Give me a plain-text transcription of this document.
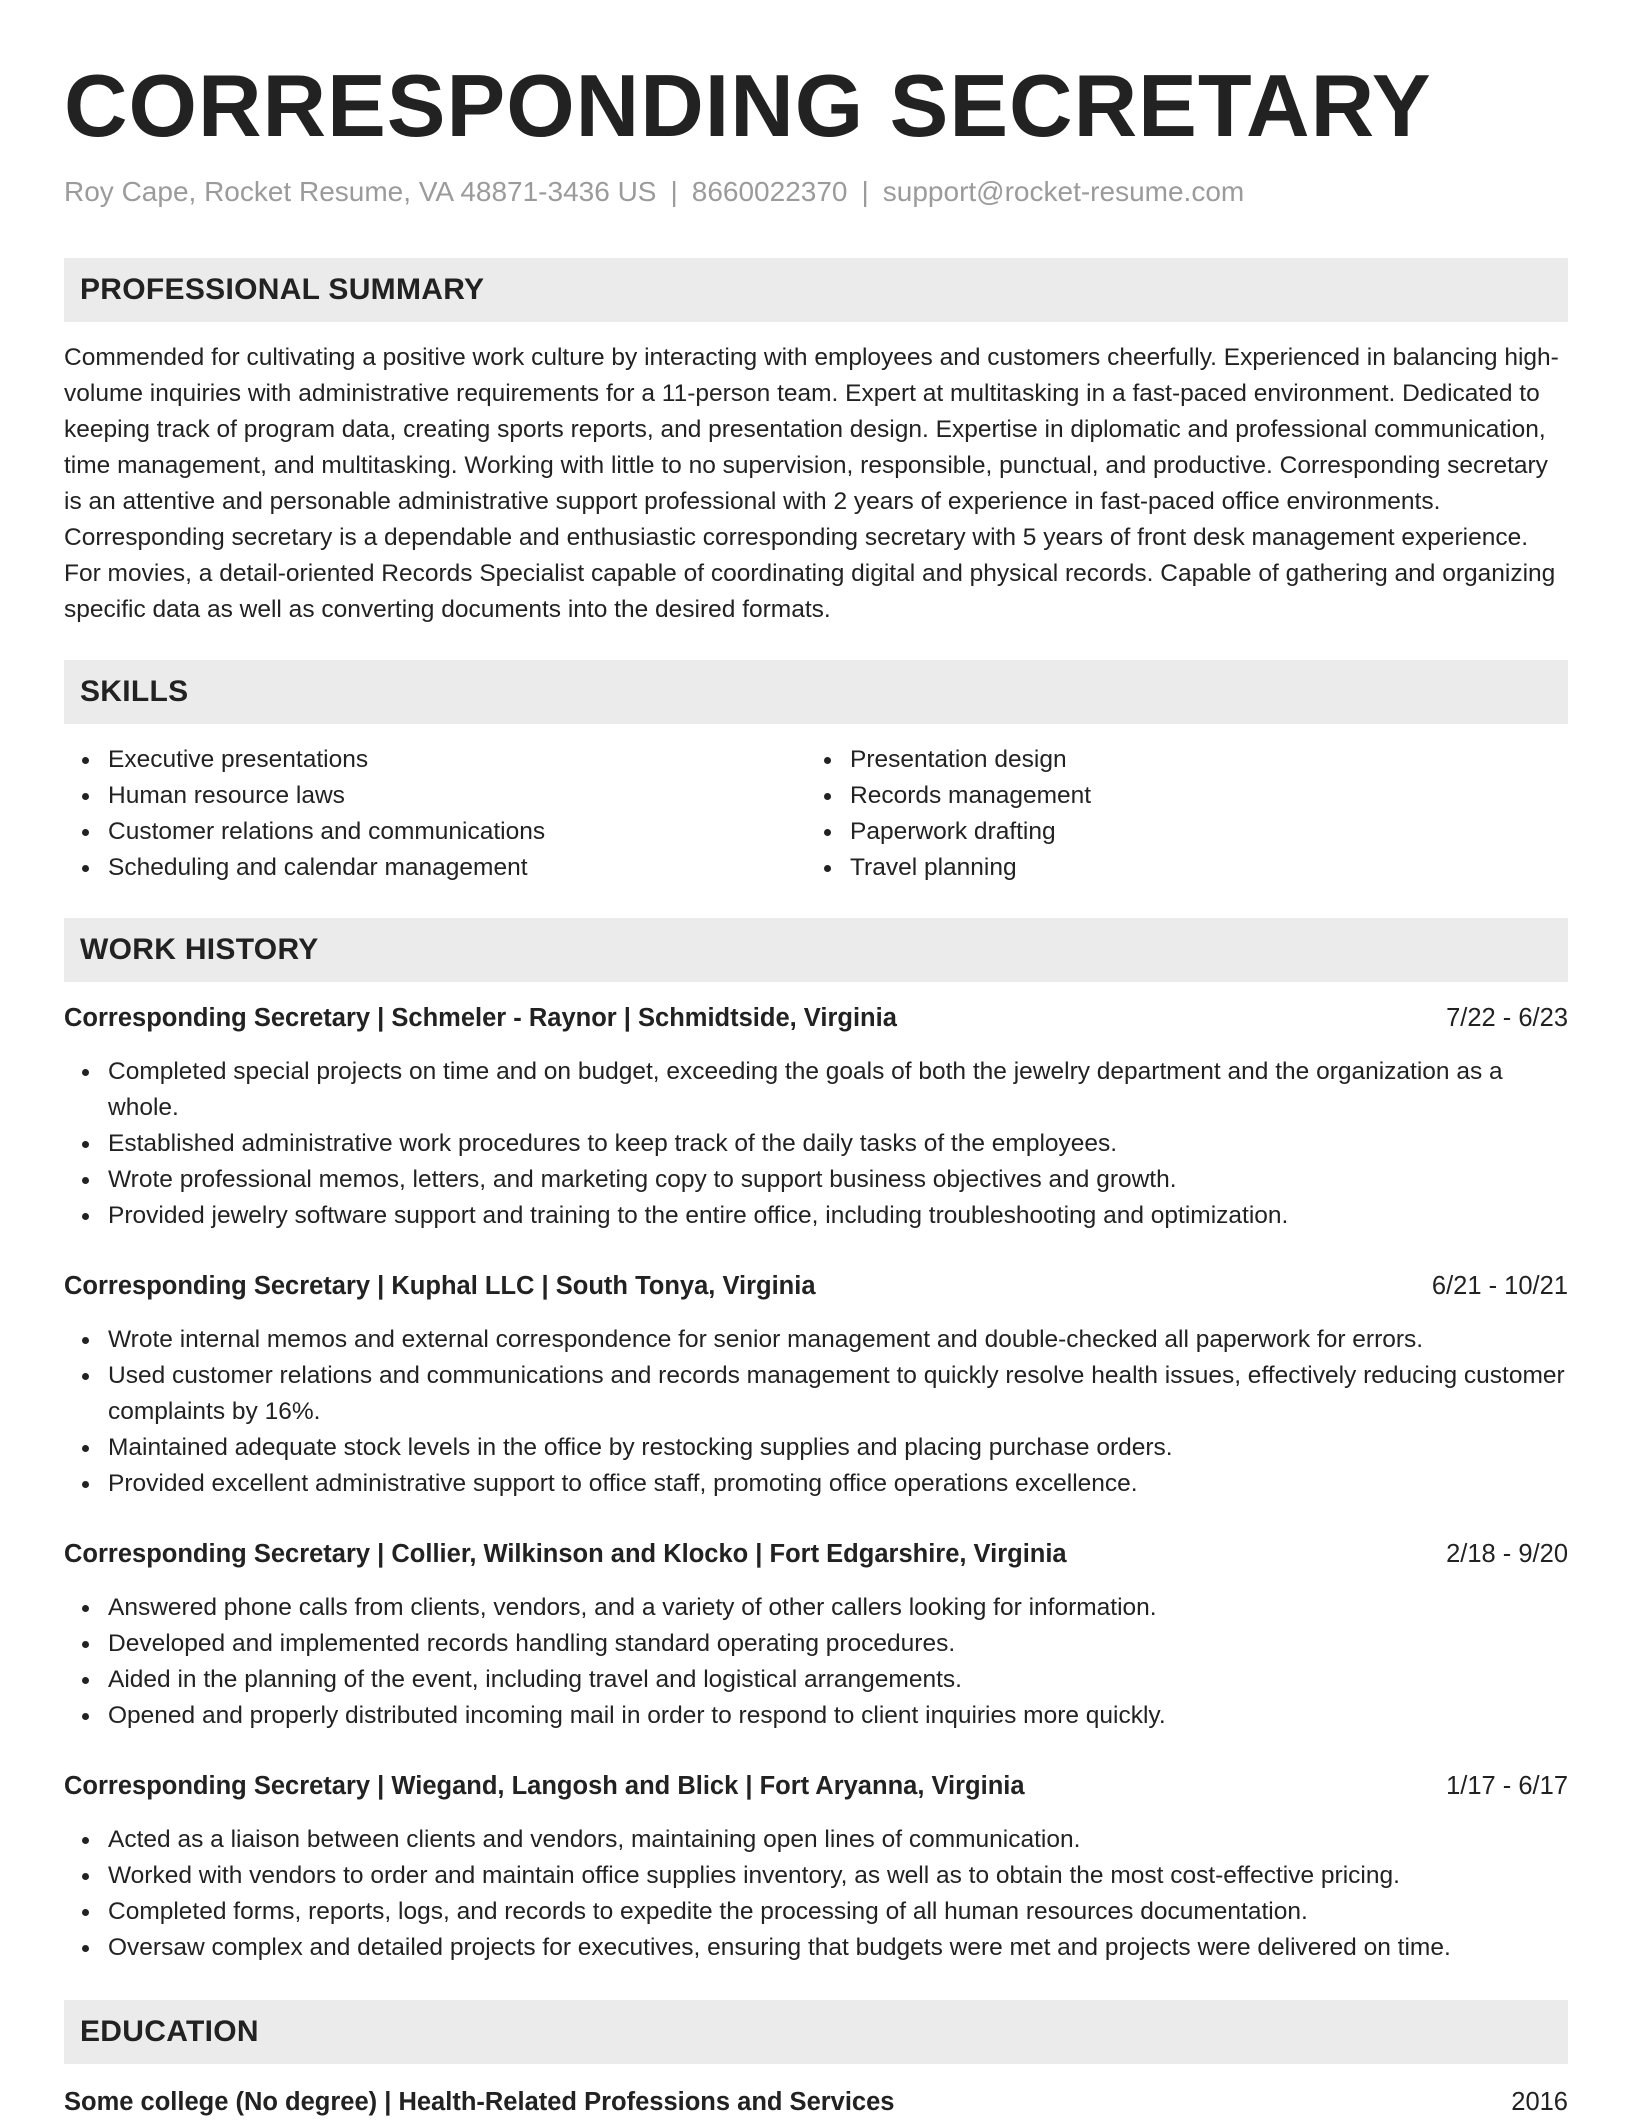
CORRESPONDING SECRETARY
Roy Cape, Rocket Resume, VA 48871-3436 US | 8660022370 | support@rocket-resume.com
PROFESSIONAL SUMMARY

Commended for cultivating a positive work culture by interacting with employees and customers cheerfully. Experienced in balancing high-volume inquiries with administrative requirements for a 11-person team. Expert at multitasking in a fast-paced environment. Dedicated to keeping track of program data, creating sports reports, and presentation design. Expertise in diplomatic and professional communication, time management, and multitasking. Working with little to no supervision, responsible, punctual, and productive. Corresponding secretary is an attentive and personable administrative support professional with 2 years of experience in fast-paced office environments. Corresponding secretary is a dependable and enthusiastic corresponding secretary with 5 years of front desk management experience. For movies, a detail-oriented Records Specialist capable of coordinating digital and physical records. Capable of gathering and organizing specific data as well as converting documents into the desired formats.

SKILLS
Executive presentations
Human resource laws
Customer relations and communications
Scheduling and calendar management
Presentation design
Records management
Paperwork drafting
Travel planning
WORK HISTORY
Corresponding Secretary | Schmeler - Raynor | Schmidtside, Virginia	7/22 - 6/23
Completed special projects on time and on budget, exceeding the goals of both the jewelry department and the organization as a whole.
Established administrative work procedures to keep track of the daily tasks of the employees.
Wrote professional memos, letters, and marketing copy to support business objectives and growth.
Provided jewelry software support and training to the entire office, including troubleshooting and optimization.
Corresponding Secretary | Kuphal LLC | South Tonya, Virginia	6/21 - 10/21
Wrote internal memos and external correspondence for senior management and double-checked all paperwork for errors.
Used customer relations and communications and records management to quickly resolve health issues, effectively reducing customer complaints by 16%.
Maintained adequate stock levels in the office by restocking supplies and placing purchase orders.
Provided excellent administrative support to office staff, promoting office operations excellence.
Corresponding Secretary | Collier, Wilkinson and Klocko | Fort Edgarshire, Virginia	2/18 - 9/20
Answered phone calls from clients, vendors, and a variety of other callers looking for information.
Developed and implemented records handling standard operating procedures.
Aided in the planning of the event, including travel and logistical arrangements.
Opened and properly distributed incoming mail in order to respond to client inquiries more quickly.
Corresponding Secretary | Wiegand, Langosh and Blick | Fort Aryanna, Virginia	1/17 - 6/17
Acted as a liaison between clients and vendors, maintaining open lines of communication.
Worked with vendors to order and maintain office supplies inventory, as well as to obtain the most cost-effective pricing.
Completed forms, reports, logs, and records to expedite the processing of all human resources documentation.
Oversaw complex and detailed projects for executives, ensuring that budgets were met and projects were delivered on time.
EDUCATION
Some college (No degree) | Health-Related Professions and Services	2016
